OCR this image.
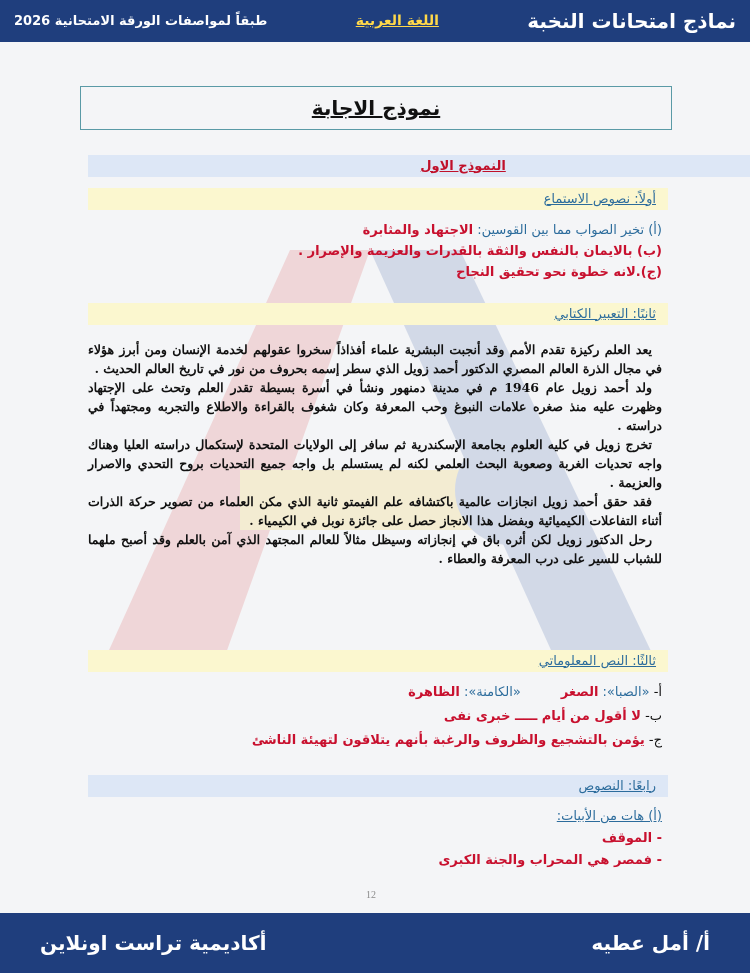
نماذج امتحانات النخبة
اللغة العربية
طبقاً لمواصفات الورقة الامتحانية 2026
نموذج الاجابة
النموذج الاول
أولاً: نصوص الاستماع
(أ) تخير الصواب مما بين القوسين: الاجتهاد والمثابرة
(ب) بالايمان بالنفس والثقة بالقدرات والعزيمة والإصرار .
(ج).لانه خطوة نحو تحقيق النجاح
ثانيًا: التعبير الكتابي

يعد العلم ركيزة تقدم الأمم وقد أنجبت البشرية علماء أفذاذاً سخروا عقولهم لخدمة الإنسان ومن أبرز هؤلاء في مجال الذرة العالم المصري الدكتور أحمد زويل الذي سطر إسمه بحروف من نور في تاريخ العالم الحديث .

ولد أحمد زويل عام 1946 م في مدينة دمنهور ونشأ في أسرة بسيطة تقدر العلم وتحث على الإجتهاد وظهرت عليه منذ صغره علامات النبوغ وحب المعرفة وكان شغوف بالقراءة والاطلاع والتجربه ومجتهداً في دراسته .

تخرج زويل في كليه العلوم بجامعة الإسكندرية ثم سافر إلى الولايات المتحدة لإستكمال دراسته العليا وهناك واجه تحديات الغربة وصعوبة البحث العلمي لكنه لم يستسلم بل واجه جميع التحديات بروح التحدي والاصرار والعزيمة .

فقد حقق أحمد زويل انجازات عالمية باكتشافه علم الفيمتو ثانية الذي مكن العلماء من تصوير حركة الذرات أثناء التفاعلات الكيميائية وبفضل هذا الانجاز حصل على جائزة نوبل في الكيمياء .

رحل الدكتور زويل لكن أثره باق في إنجازاته وسيظل مثالاً للعالم المجتهد الذي آمن بالعلم وقد أصبح ملهما للشباب للسير على درب المعرفة والعطاء .

ثالثًا: النص المعلوماتي
أ- «الصبا»: الصغر«الكامنة»: الظاهرة
ب- لا أقول من أيام ـــــ خبرى نفى
ج- يؤمن بالتشجيع والظروف والرغبة بأنهم يتلاقون لتهيئة الناشئ
رابعًا: النصوص
(أ) هات من الأبيات:
- الموقف
- فمصر هي المحراب والجنة الكبرى
12
أ/ أمل عطيه
أكاديمية تراست اونلاين
